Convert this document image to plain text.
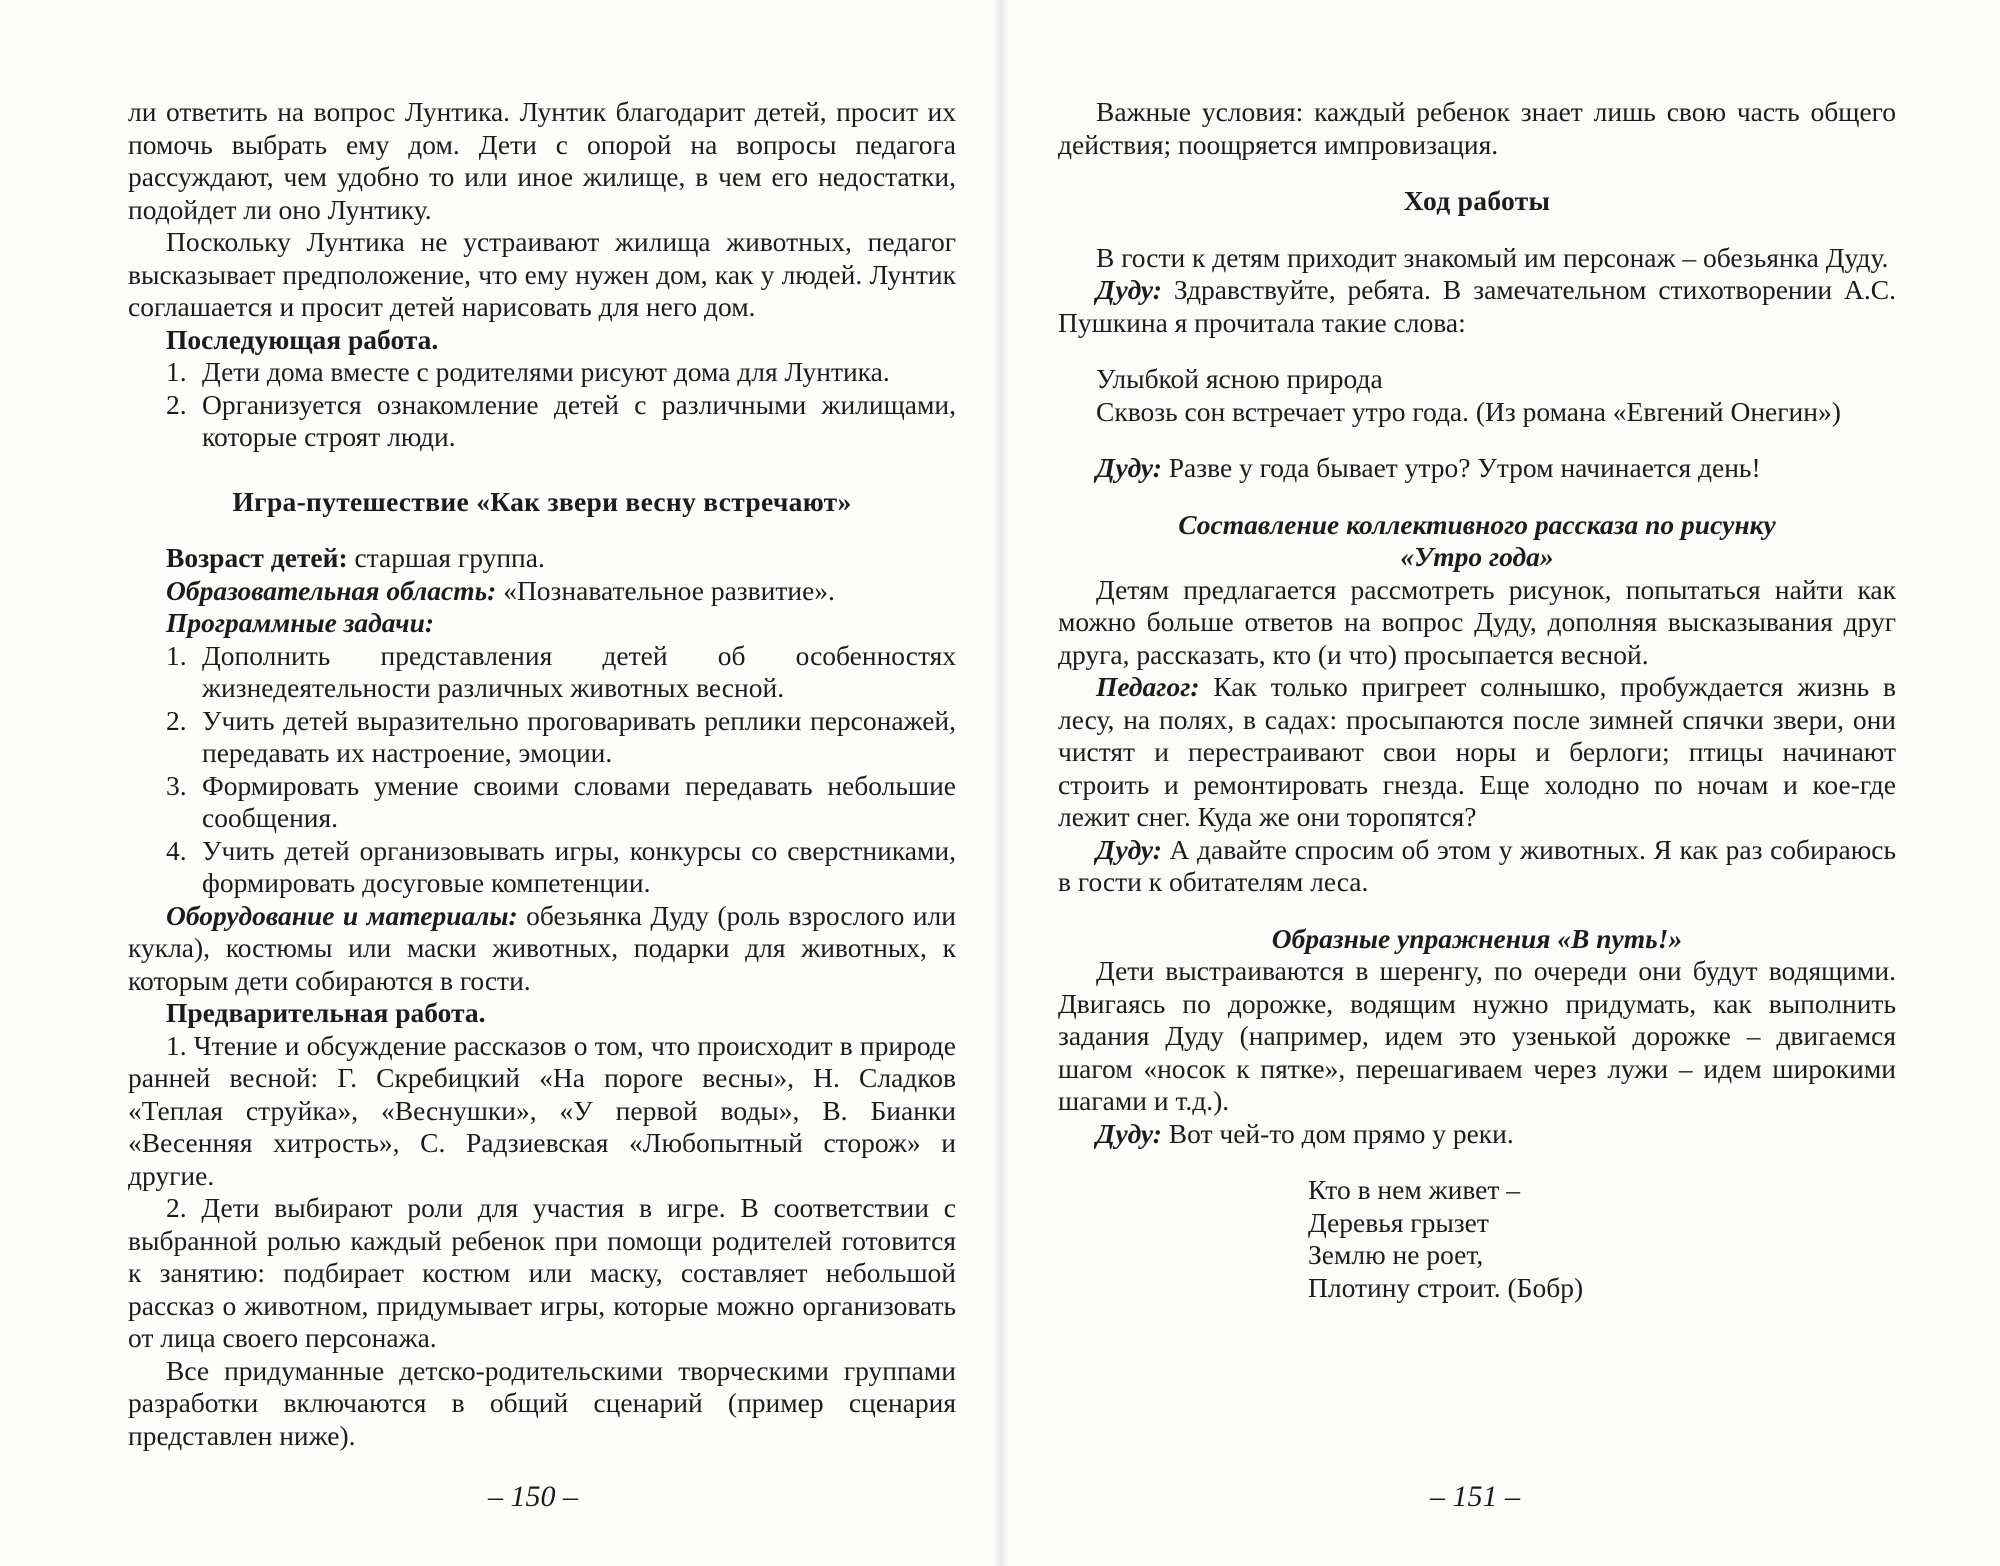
ли ответить на вопрос Лунтика. Лунтик благодарит детей, просит их помочь выбрать ему дом. Дети с опорой на вопросы педагога рассуждают, чем удобно то или иное жилище, в чем его недостатки, подойдет ли оно Лунтику.

Поскольку Лунтика не устраивают жилища животных, педагог высказывает предположение, что ему нужен дом, как у людей. Лунтик соглашается и просит детей нарисовать для него дом.

Последующая работа.

1. Дети дома вместе с родителями рисуют дома для Лунтика.
2. Организуется ознакомление детей с различными жилищами, которые строят люди.

Игра-путешествие «Как звери весну встречают»

Возраст детей: старшая группа.

Образовательная область: «Познавательное развитие».

Программные задачи:

1. Дополнить представления детей об особенностях жизнедеятельности различных животных весной.
2. Учить детей выразительно проговаривать реплики персонажей, передавать их настроение, эмоции.
3. Формировать умение своими словами передавать небольшие сообщения.
4. Учить детей организовывать игры, конкурсы со сверстниками, формировать досуговые компетенции.

Оборудование и материалы: обезьянка Дуду (роль взрослого или кукла), костюмы или маски животных, подарки для животных, к которым дети собираются в гости.

Предварительная работа.

1. Чтение и обсуждение рассказов о том, что происходит в природе ранней весной: Г. Скребицкий «На пороге весны», Н. Сладков «Теплая струйка», «Веснушки», «У первой воды», В. Бианки «Весенняя хитрость», С. Радзиевская «Любопытный сторож» и другие.

2. Дети выбирают роли для участия в игре. В соответствии с выбранной ролью каждый ребенок при помощи родителей готовится к занятию: подбирает костюм или маску, составляет небольшой рассказ о животном, придумывает игры, которые можно организовать от лица своего персонажа.

Все придуманные детско-родительскими творческими группами разработки включаются в общий сценарий (пример сценария представлен ниже).

– 150 –

Важные условия: каждый ребенок знает лишь свою часть общего действия; поощряется импровизация.

Ход работы

В гости к детям приходит знакомый им персонаж – обезьянка Дуду.

Дуду: Здравствуйте, ребята. В замечательном стихотворении А.С. Пушкина я прочитала такие слова:

Улыбкой ясною природа

Сквозь сон встречает утро года. (Из романа «Евгений Онегин»)

Дуду: Разве у года бывает утро? Утром начинается день!

Составление коллективного рассказа по рисунку

«Утро года»

Детям предлагается рассмотреть рисунок, попытаться найти как можно больше ответов на вопрос Дуду, дополняя высказывания друг друга, рассказать, кто (и что) просыпается весной.

Педагог: Как только пригреет солнышко, пробуждается жизнь в лесу, на полях, в садах: просыпаются после зимней спячки звери, они чистят и перестраивают свои норы и берлоги; птицы начинают строить и ремонтировать гнезда. Еще холодно по ночам и кое-где лежит снег. Куда же они торопятся?

Дуду: А давайте спросим об этом у животных. Я как раз собираюсь в гости к обитателям леса.

Образные упражнения «В путь!»

Дети выстраиваются в шеренгу, по очереди они будут водящими. Двигаясь по дорожке, водящим нужно придумать, как выполнить задания Дуду (например, идем это узенькой дорожке – двигаемся шагом «носок к пятке», перешагиваем через лужи – идем широкими шагами и т.д.).

Дуду: Вот чей-то дом прямо у реки.

Кто в нем живет –

Деревья грызет

Землю не роет,

Плотину строит. (Бобр)

– 151 –
